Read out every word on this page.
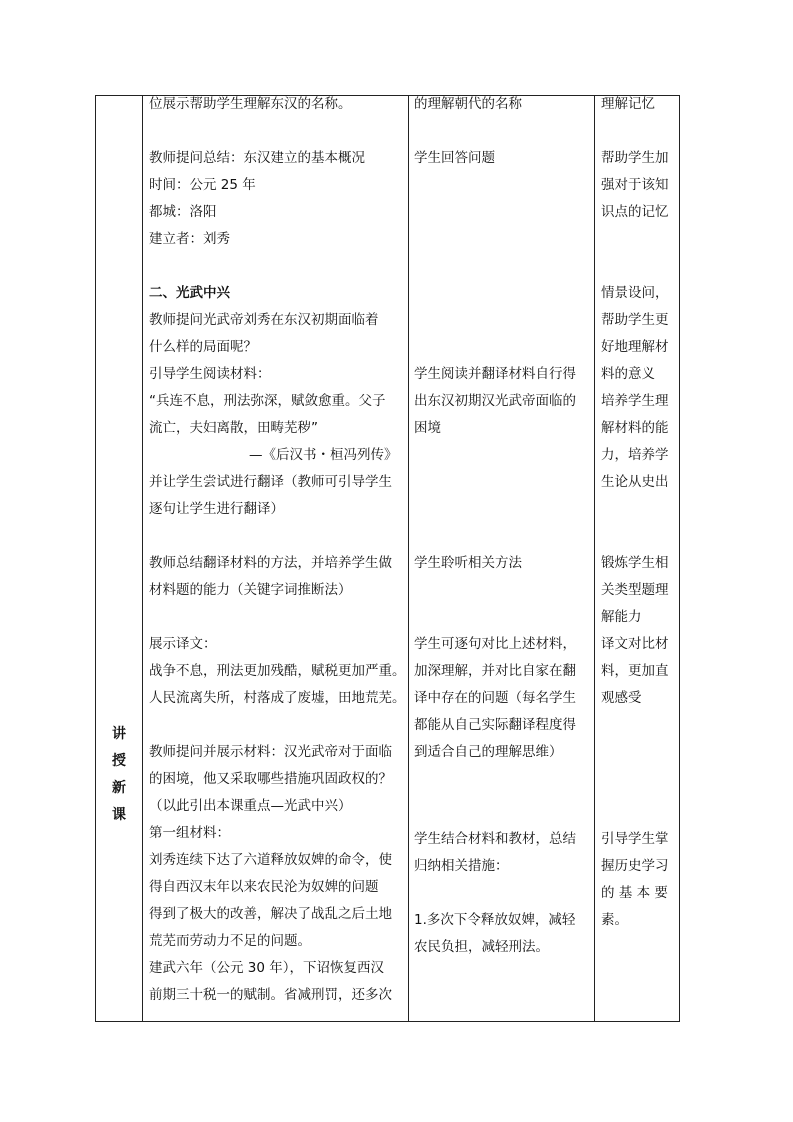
讲
授
新
课
位展示帮助学生理解东汉的名称。
教师提问总结：东汉建立的基本概况
时间：公元 25 年
都城：洛阳
建立者：刘秀
二、光武中兴
教师提问光武帝刘秀在东汉初期面临着
什么样的局面呢？
引导学生阅读材料：
“兵连不息，刑法弥深，赋敛愈重。父子
流亡，夫妇离散，田畴芜秽”
—《后汉书・桓冯列传》
并让学生尝试进行翻译（教师可引导学生
逐句让学生进行翻译）
教师总结翻译材料的方法，并培养学生做
材料题的能力（关键字词推断法）
展示译文：
战争不息，刑法更加残酷，赋税更加严重。
人民流离失所，村落成了废墟，田地荒芜。
教师提问并展示材料：汉光武帝对于面临
的困境，他又采取哪些措施巩固政权的？
（以此引出本课重点—光武中兴）
第一组材料：
刘秀连续下达了六道释放奴婢的命令，使
得自西汉末年以来农民沦为奴婢的问题
得到了极大的改善，解决了战乱之后土地
荒芜而劳动力不足的问题。
建武六年（公元 30 年），下诏恢复西汉
前期三十税一的赋制。省减刑罚，还多次
的理解朝代的名称
学生回答问题
学生阅读并翻译材料自行得
出东汉初期汉光武帝面临的
困境
学生聆听相关方法
学生可逐句对比上述材料，
加深理解，并对比自家在翻
译中存在的问题（每名学生
都能从自己实际翻译程度得
到适合自己的理解思维）
学生结合材料和教材，总结
归纳相关措施：
1.多次下令释放奴婢，减轻
农民负担，减轻刑法。
理解记忆
帮助学生加
强对于该知
识点的记忆
情景设问，
帮助学生更
好地理解材
料的意义
培养学生理
解材料的能
力，培养学
生论从史出
锻炼学生相
关类型题理
解能力
译文对比材
料，更加直
观感受
引导学生掌
握历史学习
的 基 本 要
素。
